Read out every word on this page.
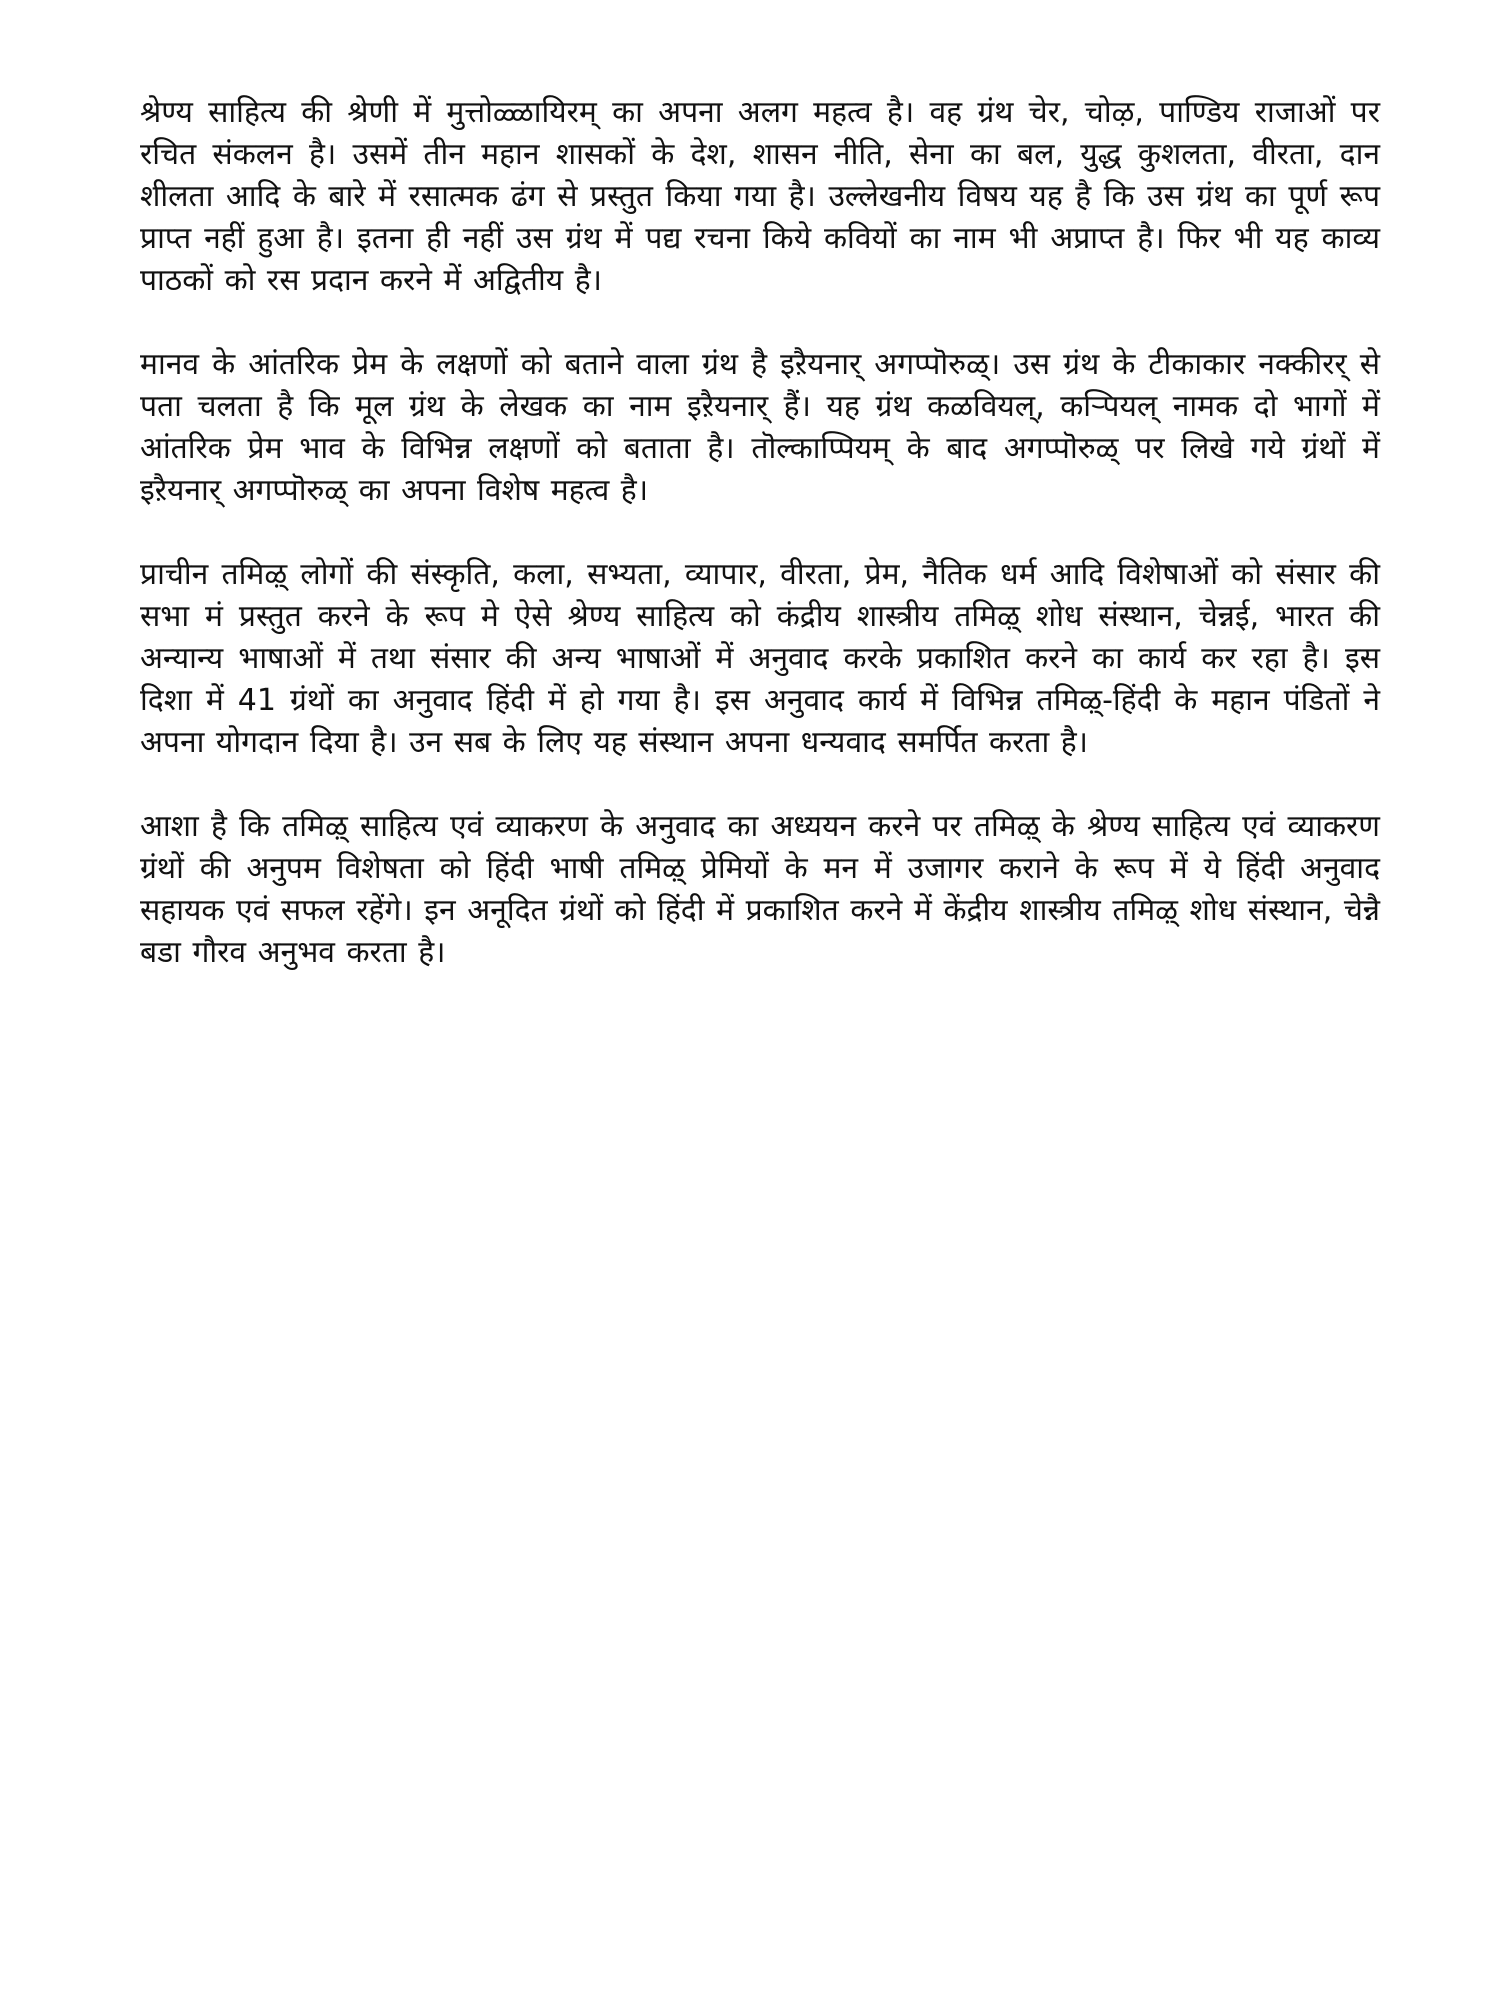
श्रेण्य साहित्य की श्रेणी में मुत्तोळ्ळायिरम् का अपना अलग महत्व है। वह ग्रंथ चेर, चोऴ, पाण्डिय राजाओं पर रचित संकलन है। उसमें तीन महान शासकों के देश, शासन नीति, सेना का बल, युद्ध कुशलता, वीरता, दान शीलता आदि के बारे में रसात्मक ढंग से प्रस्तुत किया गया है। उल्लेखनीय विषय यह है कि उस ग्रंथ का पूर्ण रूप प्राप्त नहीं हुआ है। इतना ही नहीं उस ग्रंथ में पद्य रचना किये कवियों का नाम भी अप्राप्त है। फिर भी यह काव्य पाठकों को रस प्रदान करने में अद्वितीय है।

मानव के आंतरिक प्रेम के लक्षणों को बताने वाला ग्रंथ है इऱैयनार् अगप्पॊरुळ्। उस ग्रंथ के टीकाकार नक्कीरर् से पता चलता है कि मूल ग्रंथ के लेखक का नाम इऱैयनार् हैं। यह ग्रंथ कळवियल्, कऱ्पियल् नामक दो भागों में आंतरिक प्रेम भाव के विभिन्न लक्षणों को बताता है। तॊल्काप्पियम् के बाद अगप्पॊरुळ् पर लिखे गये ग्रंथों में इऱैयनार् अगप्पॊरुळ् का अपना विशेष महत्व है।

प्राचीन तमिऴ् लोगों की संस्कृति, कला, सभ्यता, व्यापार, वीरता, प्रेम, नैतिक धर्म आदि विशेषाओं को संसार की सभा मं प्रस्तुत करने के रूप मे ऐसे श्रेण्य साहित्य को कंद्रीय शास्त्रीय तमिऴ् शोध संस्थान, चेन्नई, भारत की अन्यान्य भाषाओं में तथा संसार की अन्य भाषाओं में अनुवाद करके प्रकाशित करने का कार्य कर रहा है। इस दिशा में 41 ग्रंथों का अनुवाद हिंदी में हो गया है। इस अनुवाद कार्य में विभिन्न तमिऴ्-हिंदी के महान पंडितों ने अपना योगदान दिया है। उन सब के लिए यह संस्थान अपना धन्यवाद समर्पित करता है।

आशा है कि तमिऴ् साहित्य एवं व्याकरण के अनुवाद का अध्ययन करने पर तमिऴ् के श्रेण्य साहित्य एवं व्याकरण ग्रंथों की अनुपम विशेषता को हिंदी भाषी तमिऴ् प्रेमियों के मन में उजागर कराने के रूप में ये हिंदी अनुवाद सहायक एवं सफल रहेंगे। इन अनूदित ग्रंथों को हिंदी में प्रकाशित करने में केंद्रीय शास्त्रीय तमिऴ् शोध संस्थान, चेन्नै बडा गौरव अनुभव करता है।
